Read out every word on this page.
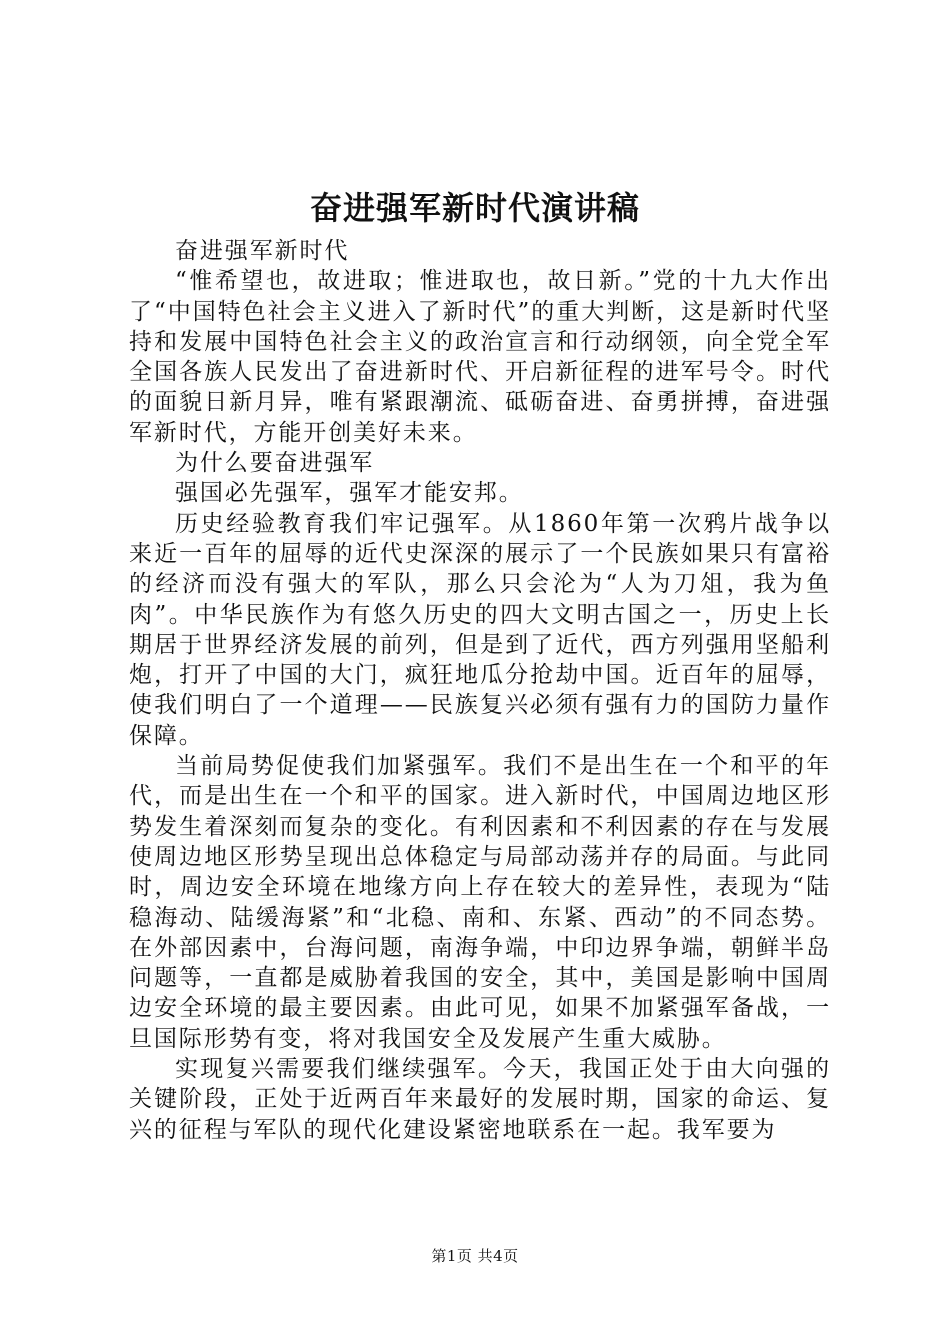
奋进强军新时代演讲稿

奋进强军新时代

“惟希望也，故进取；惟进取也，故日新。”党的十九大作出了“中国特色社会主义进入了新时代”的重大判断，这是新时代坚持和发展中国特色社会主义的政治宣言和行动纲领，向全党全军全国各族人民发出了奋进新时代、开启新征程的进军号令。时代的面貌日新月异，唯有紧跟潮流、砥砺奋进、奋勇拼搏，奋进强军新时代，方能开创美好未来。

为什么要奋进强军

强国必先强军，强军才能安邦。

历史经验教育我们牢记强军。从1860年第一次鸦片战争以来近一百年的屈辱的近代史深深的展示了一个民族如果只有富裕的经济而没有强大的军队，那么只会沦为“人为刀俎，我为鱼肉”。中华民族作为有悠久历史的四大文明古国之一，历史上长期居于世界经济发展的前列，但是到了近代，西方列强用坚船利炮，打开了中国的大门，疯狂地瓜分抢劫中国。近百年的屈辱，使我们明白了一个道理——民族复兴必须有强有力的国防力量作保障。

当前局势促使我们加紧强军。我们不是出生在一个和平的年代，而是出生在一个和平的国家。进入新时代，中国周边地区形势发生着深刻而复杂的变化。有利因素和不利因素的存在与发展使周边地区形势呈现出总体稳定与局部动荡并存的局面。与此同时，周边安全环境在地缘方向上存在较大的差异性，表现为“陆稳海动、陆缓海紧”和“北稳、南和、东紧、西动”的不同态势。在外部因素中，台海问题，南海争端，中印边界争端，朝鲜半岛问题等，一直都是威胁着我国的安全，其中，美国是影响中国周边安全环境的最主要因素。由此可见，如果不加紧强军备战，一旦国际形势有变，将对我国安全及发展产生重大威胁。

实现复兴需要我们继续强军。今天，我国正处于由大向强的关键阶段，正处于近两百年来最好的发展时期，国家的命运、复兴的征程与军队的现代化建设紧密地联系在一起。我军要为

第1页 共4页
